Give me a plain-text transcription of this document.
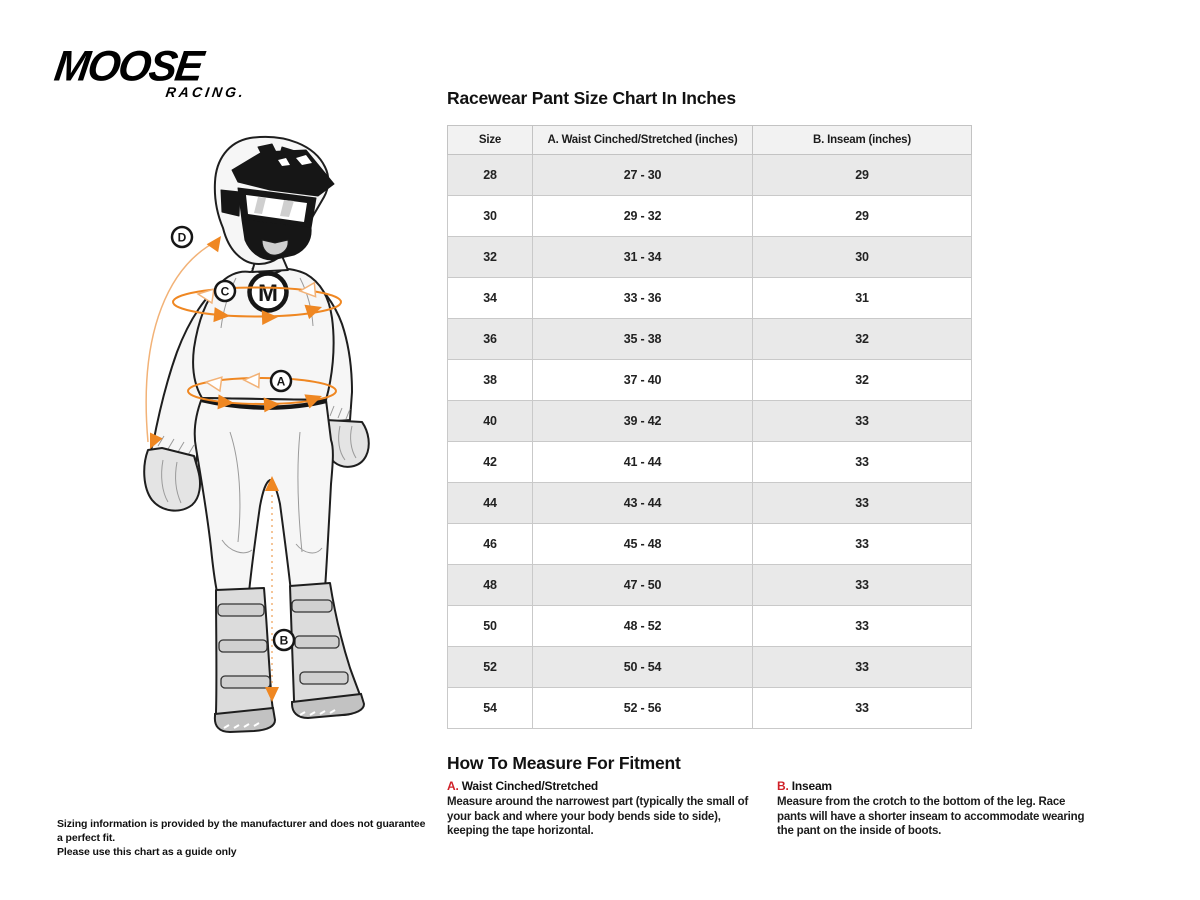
MOOSE
RACING.
M
D
C
A
B
Racewear Pant Size Chart In Inches
Size	A. Waist Cinched/Stretched (inches)	B. Inseam (inches)
28	27 - 30	29
30	29 - 32	29
32	31 - 34	30
34	33 - 36	31
36	35 - 38	32
38	37 - 40	32
40	39 - 42	33
42	41 - 44	33
44	43 - 44	33
46	45 - 48	33
48	47 - 50	33
50	48 - 52	33
52	50 - 54	33
54	52 - 56	33
How To Measure For Fitment
A. Waist Cinched/Stretched
Measure around the narrowest part (typically the small of your back and where your body bends side to side), keeping the tape horizontal.
B. Inseam
Measure from the crotch to the bottom of the leg. Race pants will have a shorter inseam to accommodate wearing the pant on the inside of boots.
Sizing information is provided by the manufacturer and does not guarantee a perfect fit.
Please use this chart as a guide only
